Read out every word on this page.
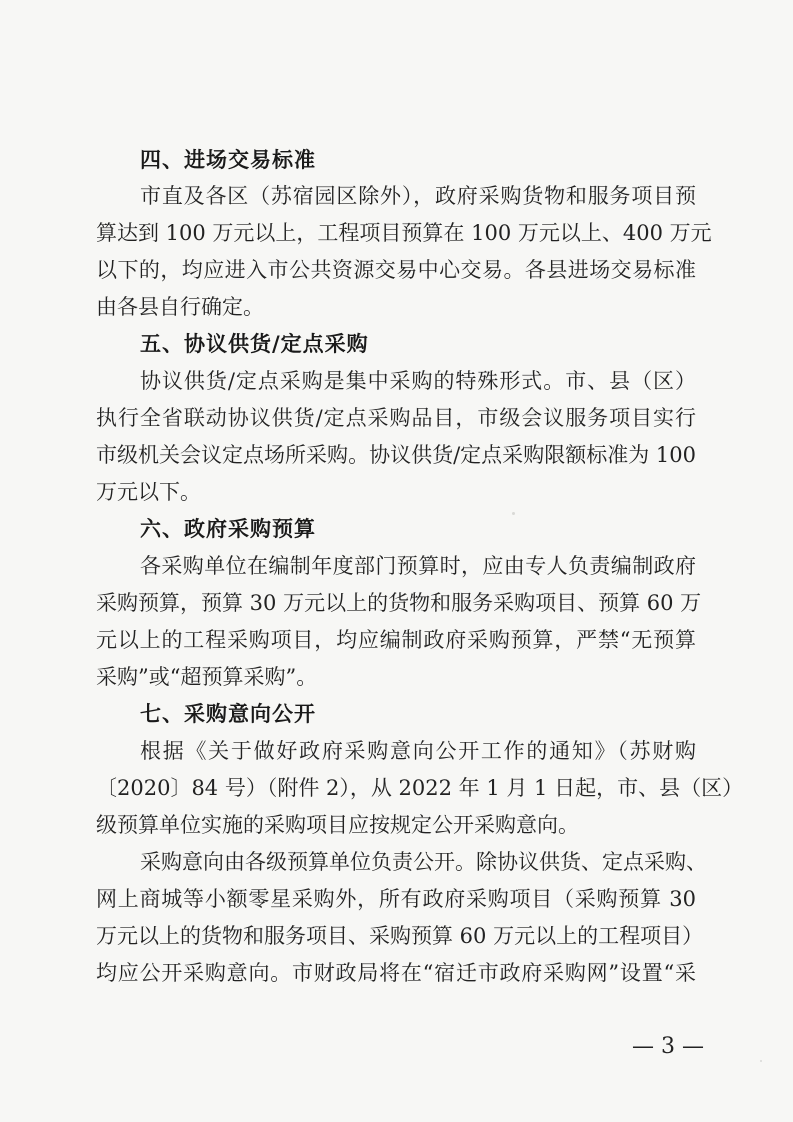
四、进场交易标准
市直及各区（苏宿园区除外），政府采购货物和服务项目预
算达到 100 万元以上，工程项目预算在 100 万元以上、400 万元
以下的，均应进入市公共资源交易中心交易。各县进场交易标准
由各县自行确定。
五、协议供货/定点采购
协议供货/定点采购是集中采购的特殊形式。市、县（区）
执行全省联动协议供货/定点采购品目，市级会议服务项目实行
市级机关会议定点场所采购。协议供货/定点采购限额标准为 100
万元以下。
六、政府采购预算
各采购单位在编制年度部门预算时，应由专人负责编制政府
采购预算，预算 30 万元以上的货物和服务采购项目、预算 60 万
元以上的工程采购项目，均应编制政府采购预算，严禁“无预算
采购”或“超预算采购”。
七、采购意向公开
根据《关于做好政府采购意向公开工作的通知》（苏财购
〔2020〕84 号）（附件 2），从 2022 年 1 月 1 日起，市、县（区）
级预算单位实施的采购项目应按规定公开采购意向。
采购意向由各级预算单位负责公开。除协议供货、定点采购、
网上商城等小额零星采购外，所有政府采购项目（采购预算 30
万元以上的货物和服务项目、采购预算 60 万元以上的工程项目）
均应公开采购意向。市财政局将在“宿迁市政府采购网”设置“采
— 3 —
